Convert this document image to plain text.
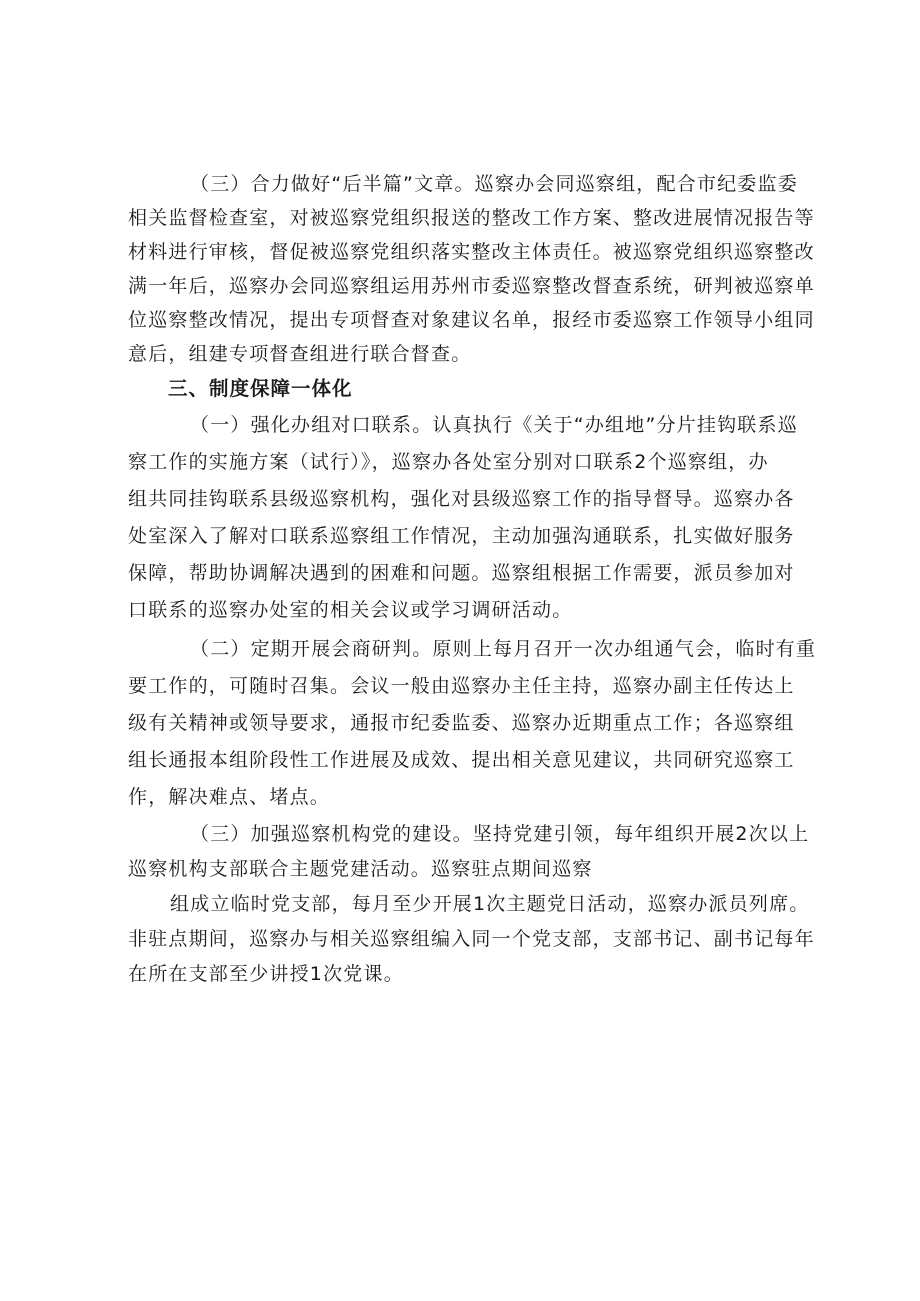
（三）合力做好“后半篇”文章。巡察办会同巡察组，配合市纪委监委
相关监督检查室，对被巡察党组织报送的整改工作方案、整改进展情况报告等
材料进行审核，督促被巡察党组织落实整改主体责任。被巡察党组织巡察整改
满一年后，巡察办会同巡察组运用苏州市委巡察整改督查系统，研判被巡察单
位巡察整改情况，提出专项督查对象建议名单，报经市委巡察工作领导小组同
意后，组建专项督查组进行联合督查。
三、制度保障一体化
（一）强化办组对口联系。认真执行《关于“办组地”分片挂钩联系巡
察工作的实施方案（试行）》，巡察办各处室分别对口联系2个巡察组，办
组共同挂钩联系县级巡察机构，强化对县级巡察工作的指导督导。巡察办各
处室深入了解对口联系巡察组工作情况，主动加强沟通联系，扎实做好服务
保障，帮助协调解决遇到的困难和问题。巡察组根据工作需要，派员参加对
口联系的巡察办处室的相关会议或学习调研活动。
（二）定期开展会商研判。原则上每月召开一次办组通气会，临时有重
要工作的，可随时召集。会议一般由巡察办主任主持，巡察办副主任传达上
级有关精神或领导要求，通报市纪委监委、巡察办近期重点工作；各巡察组
组长通报本组阶段性工作进展及成效、提出相关意见建议，共同研究巡察工
作，解决难点、堵点。
（三）加强巡察机构党的建设。坚持党建引领，每年组织开展2次以上
巡察机构支部联合主题党建活动。巡察驻点期间巡察
组成立临时党支部，每月至少开展1次主题党日活动，巡察办派员列席。
非驻点期间，巡察办与相关巡察组编入同一个党支部，支部书记、副书记每年
在所在支部至少讲授1次党课。
